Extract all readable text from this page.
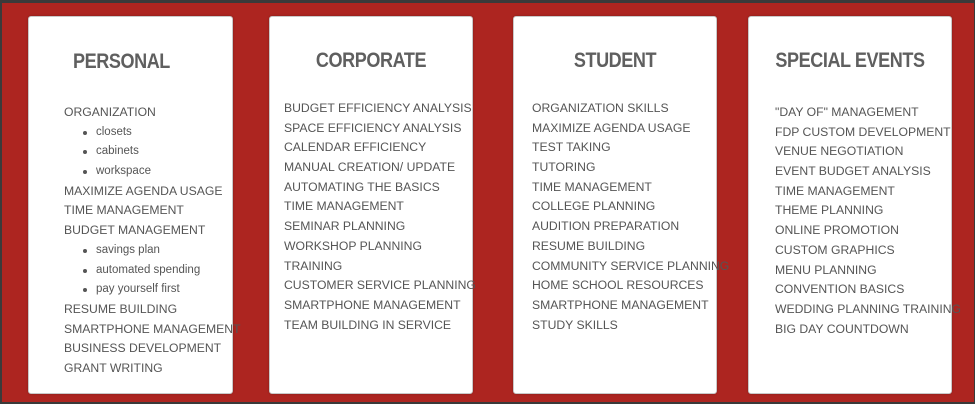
PERSONAL
ORGANIZATION
closets
cabinets
workspace
MAXIMIZE AGENDA USAGE
TIME MANAGEMENT
BUDGET MANAGEMENT
savings plan
automated spending
pay yourself first
RESUME BUILDING
SMARTPHONE MANAGEMENT
BUSINESS DEVELOPMENT
GRANT WRITING
CORPORATE
BUDGET EFFICIENCY ANALYSIS
SPACE EFFICIENCY ANALYSIS
CALENDAR EFFICIENCY
MANUAL CREATION/ UPDATE
AUTOMATING THE BASICS
TIME MANAGEMENT
SEMINAR PLANNING
WORKSHOP PLANNING
TRAINING
CUSTOMER SERVICE PLANNING
SMARTPHONE MANAGEMENT
TEAM BUILDING IN SERVICE
STUDENT
ORGANIZATION SKILLS
MAXIMIZE AGENDA USAGE
TEST TAKING
TUTORING
TIME MANAGEMENT
COLLEGE PLANNING
AUDITION PREPARATION
RESUME BUILDING
COMMUNITY SERVICE PLANNING
HOME SCHOOL RESOURCES
SMARTPHONE MANAGEMENT
STUDY SKILLS
SPECIAL EVENTS
"DAY OF" MANAGEMENT
FDP CUSTOM DEVELOPMENT
VENUE NEGOTIATION
EVENT BUDGET ANALYSIS
TIME MANAGEMENT
THEME PLANNING
ONLINE PROMOTION
CUSTOM GRAPHICS
MENU PLANNING
CONVENTION BASICS
WEDDING PLANNING TRAINING
BIG DAY COUNTDOWN
